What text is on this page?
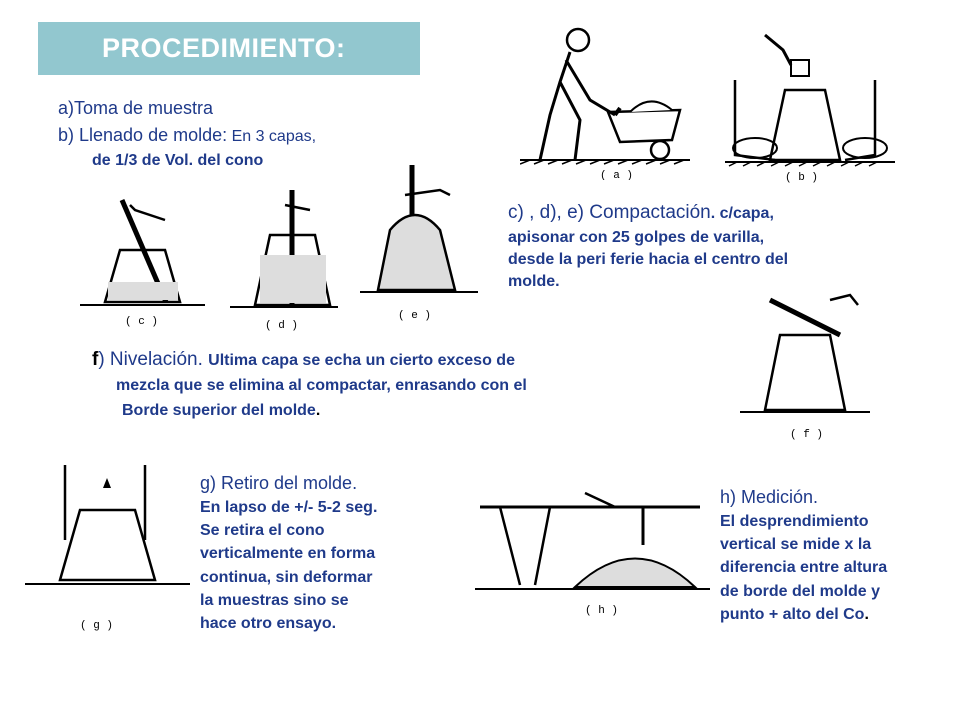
PROCEDIMIENTO:
a)Toma de muestra
b) Llenado de molde: En 3 capas,
de 1/3 de Vol. del cono
c) , d), e) Compactación. c/capa,
apisonar con 25 golpes de varilla,
desde la peri ferie hacia el centro del
molde.
f) Nivelación. Ultima capa se echa un cierto exceso de
mezcla que se elimina al compactar, enrasando con el
Borde superior del molde.
g) Retiro del molde.
En lapso de +/- 5-2 seg.
Se retira el cono
verticalmente en forma
continua, sin deformar
la muestras sino se
hace otro ensayo.
h) Medición.
El desprendimiento
vertical se mide x la
diferencia entre altura
de borde del molde y
punto + alto del Co.
( a )	( b )
( c )	( d )
( e )
( f )
( g )
( h )
